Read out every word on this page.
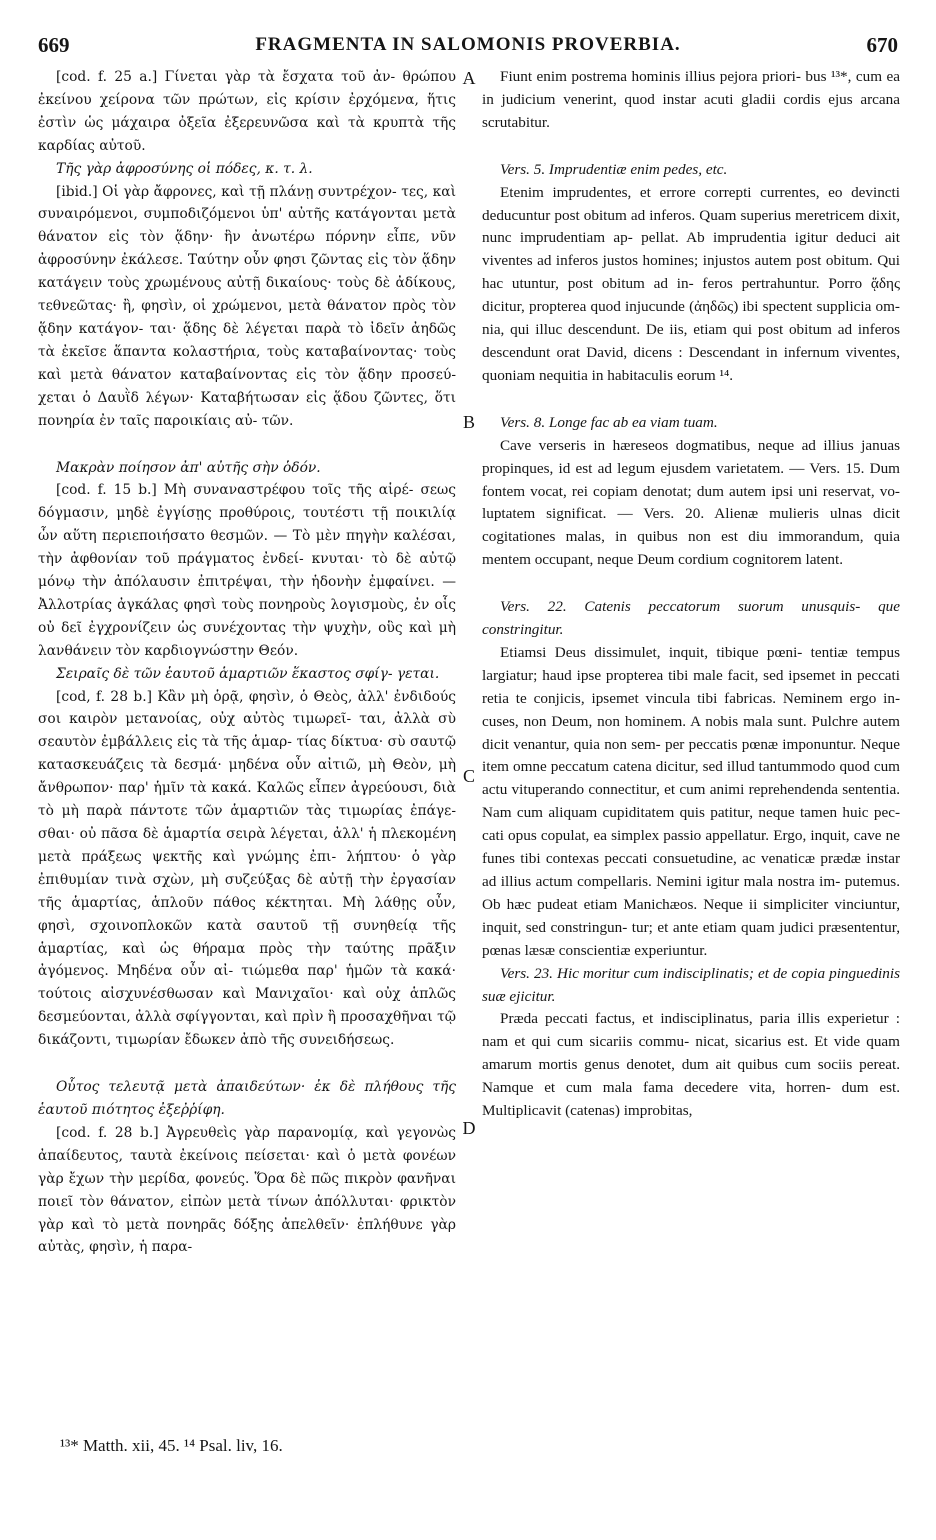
669	FRAGMENTA IN SALOMONIS PROVERBIA.	670

[cod. f. 25 a.] Γίνεται γὰρ τὰ ἔσχατα τοῦ ἀν- θρώπου ἐκείνου χείρονα τῶν πρώτων, εἰς κρίσιν ἐρχόμενα, ἥτις ἐστὶν ὡς μάχαιρα ὀξεῖα ἐξερευνῶσα καὶ τὰ κρυπτὰ τῆς καρδίας αὐτοῦ.

Τῆς γὰρ ἀφροσύνης οἱ πόδες, κ. τ. λ.

[ibid.] Οἱ γὰρ ἄφρονες, καὶ τῇ πλάνῃ συντρέχον- τες, καὶ συναιρόμενοι, συμποδιζόμενοι ὑπ' αὐτῆς κατάγονται μετὰ θάνατον εἰς τὸν ᾅδην· ἣν ἀνωτέρω πόρνην εἶπε, νῦν ἀφροσύνην ἐκάλεσε. Ταύτην οὖν φησι ζῶντας εἰς τὸν ᾅδην κατάγειν τοὺς χρωμένους αὐτῇ δικαίους· τοὺς δὲ ἀδίκους, τεθνεῶτας· ἢ, φησὶν, οἱ χρώμενοι, μετὰ θάνατον πρὸς τὸν ᾅδην κατάγον- ται· ᾅδης δὲ λέγεται παρὰ τὸ ἰδεῖν ἀηδῶς τὰ ἐκεῖσε ἅπαντα κολαστήρια, τοὺς καταβαίνοντας· τοὺς καὶ μετὰ θάνατον καταβαίνοντας εἰς τὸν ᾅδην προσεύ- χεται ὁ Δαυῒδ λέγων· Καταβήτωσαν εἰς ᾅδου ζῶντες, ὅτι πονηρία ἐν ταῖς παροικίαις αὐ- τῶν.

Μακρὰν ποίησον ἀπ' αὐτῆς σὴν ὁδόν.

[cod. f. 15 b.] Μὴ συναναστρέφου τοῖς τῆς αἱρέ- σεως δόγμασιν, μηδὲ ἐγγίσῃς προθύροις, τουτέστι τῇ ποικιλίᾳ ὧν αὕτη περιεποιήσατο θεσμῶν. — Τὸ μὲν πηγὴν καλέσαι, τὴν ἀφθονίαν τοῦ πράγματος ἐνδεί- κνυται· τὸ δὲ αὐτῷ μόνῳ τὴν ἀπόλαυσιν ἐπιτρέψαι, τὴν ἡδονὴν ἐμφαίνει. — Ἀλλοτρίας ἀγκάλας φησὶ τοὺς πονηροὺς λογισμοὺς, ἐν οἷς οὐ δεῖ ἐγχρονίζειν ὡς συνέχοντας τὴν ψυχὴν, οὓς καὶ μὴ λανθάνειν τὸν καρδιογνώστην Θεόν.

Σειραῖς δὲ τῶν ἑαυτοῦ ἁμαρτιῶν ἕκαστος σφίγ- γεται.

[cod, f. 28 b.] Κἂν μὴ ὁρᾷ, φησὶν, ὁ Θεὸς, ἀλλ' ἐνδιδούς σοι καιρὸν μετανοίας, οὐχ αὐτὸς τιμωρεῖ- ται, ἀλλὰ σὺ σεαυτὸν ἐμβάλλεις εἰς τὰ τῆς ἁμαρ- τίας δίκτυα· σὺ σαυτῷ κατασκευάζεις τὰ δεσμά· μηδένα οὖν αἰτιῶ, μὴ Θεὸν, μὴ ἄνθρωπον· παρ' ἡμῖν τὰ κακά. Καλῶς εἶπεν ἀγρεύουσι, διὰ τὸ μὴ παρὰ πάντοτε τῶν ἁμαρτιῶν τὰς τιμωρίας ἐπάγε- σθαι· οὐ πᾶσα δὲ ἁμαρτία σειρὰ λέγεται, ἀλλ' ἡ πλεκομένη μετὰ πράξεως ψεκτῆς καὶ γνώμης ἐπι- λήπτου· ὁ γὰρ ἐπιθυμίαν τινὰ σχὼν, μὴ συζεύξας δὲ αὐτῇ τὴν ἐργασίαν τῆς ἁμαρτίας, ἁπλοῦν πάθος κέκτηται. Μὴ λάθῃς οὖν, φησὶ, σχοινοπλοκῶν κατὰ σαυτοῦ τῇ συνηθείᾳ τῆς ἁμαρτίας, καὶ ὡς θήραμα πρὸς τὴν ταύτης πρᾶξιν ἀγόμενος. Μηδένα οὖν αἰ- τιώμεθα παρ' ἡμῶν τὰ κακά· τούτοις αἰσχυνέσθωσαν καὶ Μανιχαῖοι· καὶ οὐχ ἁπλῶς δεσμεύονται, ἀλλὰ σφίγγονται, καὶ πρὶν ἢ προσαχθῆναι τῷ δικάζοντι, τιμωρίαν ἔδωκεν ἀπὸ τῆς συνειδήσεως.

Οὗτος τελευτᾷ μετὰ ἀπαιδεύτων· ἐκ δὲ πλήθους τῆς ἑαυτοῦ πιότητος ἐξεῤῥίφη.

[cod. f. 28 b.] Ἀγρευθεὶς γὰρ παρανομίᾳ, καὶ γεγονὼς ἀπαίδευτος, ταυτὰ ἐκείνοις πείσεται· καὶ ὁ μετὰ φονέων γὰρ ἔχων τὴν μερίδα, φονεύς. Ὅρα δὲ πῶς πικρὸν φανῆναι ποιεῖ τὸν θάνατον, εἰπὼν μετὰ τίνων ἀπόλλυται· φρικτὸν γὰρ καὶ τὸ μετὰ πονηρᾶς δόξης ἀπελθεῖν· ἐπλήθυνε γὰρ αὐτὰς, φησὶν, ἡ παρα-

Fiunt enim postrema hominis illius pejora priori- bus ¹³*, cum ea in judicium venerint, quod instar acuti gladii cordis ejus arcana scrutabitur.

Vers. 5. Imprudentiæ enim pedes, etc.

Etenim imprudentes, et errore correpti currentes, eo devincti deducuntur post obitum ad inferos. Quam superius meretricem dixit, nunc imprudentiam ap- pellat. Ab imprudentia igitur deduci ait viventes ad inferos justos homines; injustos autem post obitum. Qui hac utuntur, post obitum ad in- feros pertrahuntur. Porro ᾅδης dicitur, propterea quod injucunde (ἀηδῶς) ibi spectent supplicia om- nia, qui illuc descendunt. De iis, etiam qui post obitum ad inferos descendunt orat David, dicens : Descendant in infernum viventes, quoniam nequitia in habitaculis eorum ¹⁴.

Vers. 8. Longe fac ab ea viam tuam.

Cave verseris in hæreseos dogmatibus, neque ad illius januas propinques, id est ad legum ejusdem varietatem. — Vers. 15. Dum fontem vocat, rei copiam denotat; dum autem ipsi uni reservat, vo- luptatem significat. — Vers. 20. Alienæ mulieris ulnas dicit cogitationes malas, in quibus non est diu immorandum, quia mentem occupant, neque Deum cordium cognitorem latent.

Vers. 22. Catenis peccatorum suorum unusquis- que constringitur.

Etiamsi Deus dissimulet, inquit, tibique pœni- tentiæ tempus largiatur; haud ipse propterea tibi male facit, sed ipsemet in peccati retia te conjicis, ipsemet vincula tibi fabricas. Neminem ergo in- cuses, non Deum, non hominem. A nobis mala sunt. Pulchre autem dicit venantur, quia non sem- per peccatis pœnæ imponuntur. Neque item omne peccatum catena dicitur, sed illud tantummodo quod cum actu vituperando connectitur, et cum animi reprehendenda sententia. Nam cum aliquam cupiditatem quis patitur, neque tamen huic pec- cati opus copulat, ea simplex passio appellatur. Ergo, inquit, cave ne funes tibi contexas peccati consuetudine, ac venaticæ prædæ instar ad illius actum compellaris. Nemini igitur mala nostra im- putemus. Ob hæc pudeat etiam Manichæos. Neque ii simpliciter vinciuntur, inquit, sed constringun- tur; et ante etiam quam judici præsententur, pœnas læsæ conscientiæ experiuntur.

Vers. 23. Hic moritur cum indisciplinatis; et de copia pinguedinis suæ ejicitur.

Præda peccati factus, et indisciplinatus, paria illis experietur : nam et qui cum sicariis commu- nicat, sicarius est. Et vide quam amarum mortis genus denotet, dum ait quibus cum sociis pereat. Namque et cum mala fama decedere vita, horren- dum est. Multiplicavit (catenas) improbitas,

A
B
C
D
¹³* Matth. xii, 45. ¹⁴ Psal. liv, 16.
